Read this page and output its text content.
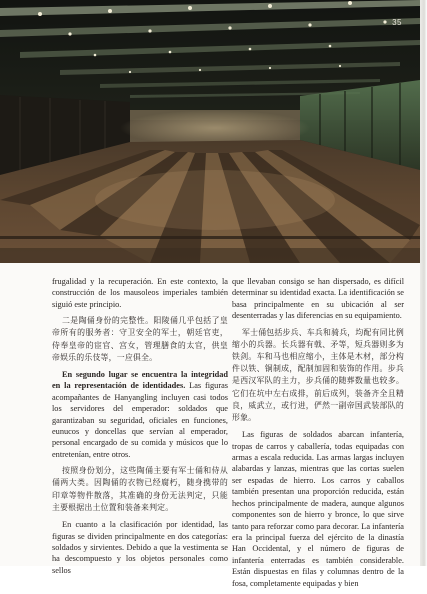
35

frugalidad y la recuperación. En este contexto, la construcción de los mausoleos imperiales también siguió este principio.

二是陶俑身份的完整性。阳陵俑几乎包括了皇帝所有的服务者：守卫安全的军士，朝廷官吏，侍奉皇帝的宦官、宫女，管理膳食的太官，供皇帝娱乐的乐伎等，一应俱全。

En segundo lugar se encuentra la integridad en la representación de identidades. Las figuras acompañantes de Hanyangling incluyen casi todos los servidores del emperador: soldados que garantizaban su seguridad, oficiales en funciones, eunucos y doncellas que servían al emperador, personal encargado de su comida y músicos que lo entretenían, entre otros.

按照身份划分，这些陶俑主要有军士俑和侍从俑两大类。因陶俑的衣物已经腐朽，随身携带的印章等物件散落，其准确的身份无法判定，只能主要根据出土位置和装备来判定。

En cuanto a la clasificación por identidad, las figuras se dividen principalmente en dos categorías: soldados y sirvientes. Debido a que la vestimenta se ha descompuesto y los objetos personales como sellos

que llevaban consigo se han dispersado, es difícil determinar su identidad exacta. La identificación se basa principalmente en su ubicación al ser desenterradas y las diferencias en su equipamiento.

军士俑包括步兵、车兵和骑兵，均配有同比例缩小的兵器。长兵器有戟、矛等，短兵器则多为铁剑。车和马也相应缩小，主体是木材，部分构件以铁、铜制成，配制加固和装饰的作用。步兵是西汉军队的主力，步兵俑的随葬数量也较多。它们在坑中左右成排，前后成列，装备齐全且精良，威武立，或行进，俨然一副帝国武装部队的形象。

Las figuras de soldados abarcan infantería, tropas de carros y caballería, todas equipadas con armas a escala reducida. Las armas largas incluyen alabardas y lanzas, mientras que las cortas suelen ser espadas de hierro. Los carros y caballos también presentan una proporción reducida, están hechos principalmente de madera, aunque algunos componentes son de hierro y bronce, lo que sirve tanto para reforzar como para decorar. La infantería era la principal fuerza del ejército de la dinastía Han Occidental, y el número de figuras de infantería enterradas es también considerable. Están dispuestas en filas y columnas dentro de la fosa, completamente equipadas y bien
